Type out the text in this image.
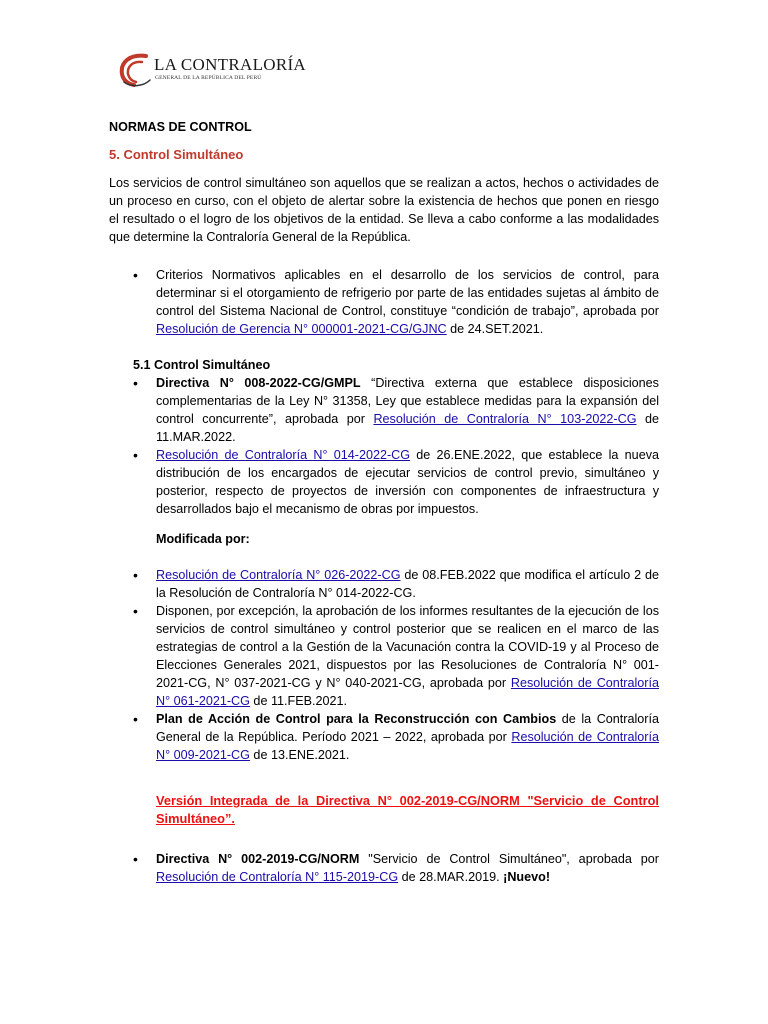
LA CONTRALORÍA
GENERAL DE LA REPÚBLICA DEL PERÚ

NORMAS DE CONTROL

5. Control Simultáneo

Los servicios de control simultáneo son aquellos que se realizan a actos, hechos o actividades de un proceso en curso, con el objeto de alertar sobre la existencia de hechos que ponen en riesgo el resultado o el logro de los objetivos de la entidad. Se lleva a cabo conforme a las modalidades que determine la Contraloría General de la República.

• Criterios Normativos aplicables en el desarrollo de los servicios de control, para determinar si el otorgamiento de refrigerio por parte de las entidades sujetas al ámbito de control del Sistema Nacional de Control, constituye “condición de trabajo”, aprobada por Resolución de Gerencia N° 000001-2021-CG/GJNC de 24.SET.2021.

5.1 Control Simultáneo

• Directiva N° 008-2022-CG/GMPL “Directiva externa que establece disposiciones complementarias de la Ley N° 31358, Ley que establece medidas para la expansión del control concurrente”, aprobada por Resolución de Contraloría N° 103-2022-CG de 11.MAR.2022.
• Resolución de Contraloría N° 014-2022-CG de 26.ENE.2022, que establece la nueva distribución de los encargados de ejecutar servicios de control previo, simultáneo y posterior, respecto de proyectos de inversión con componentes de infraestructura y desarrollados bajo el mecanismo de obras por impuestos.

Modificada por:

• Resolución de Contraloría N° 026-2022-CG de 08.FEB.2022 que modifica el artículo 2 de la Resolución de Contraloría N° 014-2022-CG.
• Disponen, por excepción, la aprobación de los informes resultantes de la ejecución de los servicios de control simultáneo y control posterior que se realicen en el marco de las estrategias de control a la Gestión de la Vacunación contra la COVID-19 y al Proceso de Elecciones Generales 2021, dispuestos por las Resoluciones de Contraloría N° 001-2021-CG, N° 037-2021-CG y N° 040-2021-CG, aprobada por Resolución de Contraloría N° 061-2021-CG de 11.FEB.2021.
• Plan de Acción de Control para la Reconstrucción con Cambios de la Contraloría General de la República. Período 2021 – 2022, aprobada por Resolución de Contraloría N° 009-2021-CG de 13.ENE.2021.

Versión Integrada de la Directiva N° 002-2019-CG/NORM "Servicio de Control Simultáneo”.

• Directiva N° 002-2019-CG/NORM "Servicio de Control Simultáneo", aprobada por Resolución de Contraloría N° 115-2019-CG de 28.MAR.2019. ¡Nuevo!
